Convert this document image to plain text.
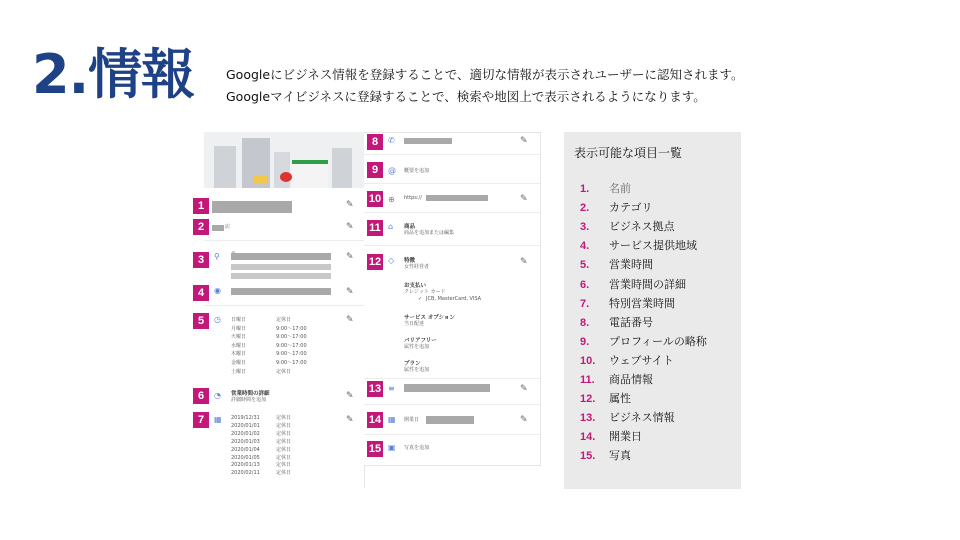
2.情報	Googleにビジネス情報を登録することで、適切な情報が表示されユーザーに認知されます。Googleマイビジネスに登録することで、検索や地図上で表示されるようになります。
1	✎
2	店	✎
3	⚲	✎
4	◉	✎
5	◷	✎
日曜日	定休日
月曜日	9:00～17:00
火曜日	9:00～17:00
水曜日	9:00～17:00
木曜日	9:00～17:00
金曜日	9:00～17:00
土曜日	定休日
6	◔ 営業時間の詳細
詳細時間を追加	✎
7	▦	✎
2019/12/31	定休日
2020/01/01	定休日
2020/01/02	定休日
2020/01/03	定休日
2020/01/04	定休日
2020/01/05	定休日
2020/01/13	定休日
2020/02/11	定休日
8	✆	✎
9	@ 概要を追加
10 ⊕ https://	✎
11 ⌂ 商品
商品を追加または編集
12 ◇ 特徴
女性経営者	✎
お支払い
クレジット カード
✓ JCB, MasterCard, VISA
サービス オプション
当日配達
バリアフリー
属性を追加
プラン
属性を追加
13 ≡	✎
14 ▦ 開業日	✎
15 ▣ 写真を追加
表示可能な項目一覧
1. 名前
2. カテゴリ
3. ビジネス拠点
4. サービス提供地域
5. 営業時間
6. 営業時間の詳細
7. 特別営業時間
8. 電話番号
9. プロフィールの略称
10. ウェブサイト
11. 商品情報
12. 属性
13. ビジネス情報
14. 開業日
15. 写真
